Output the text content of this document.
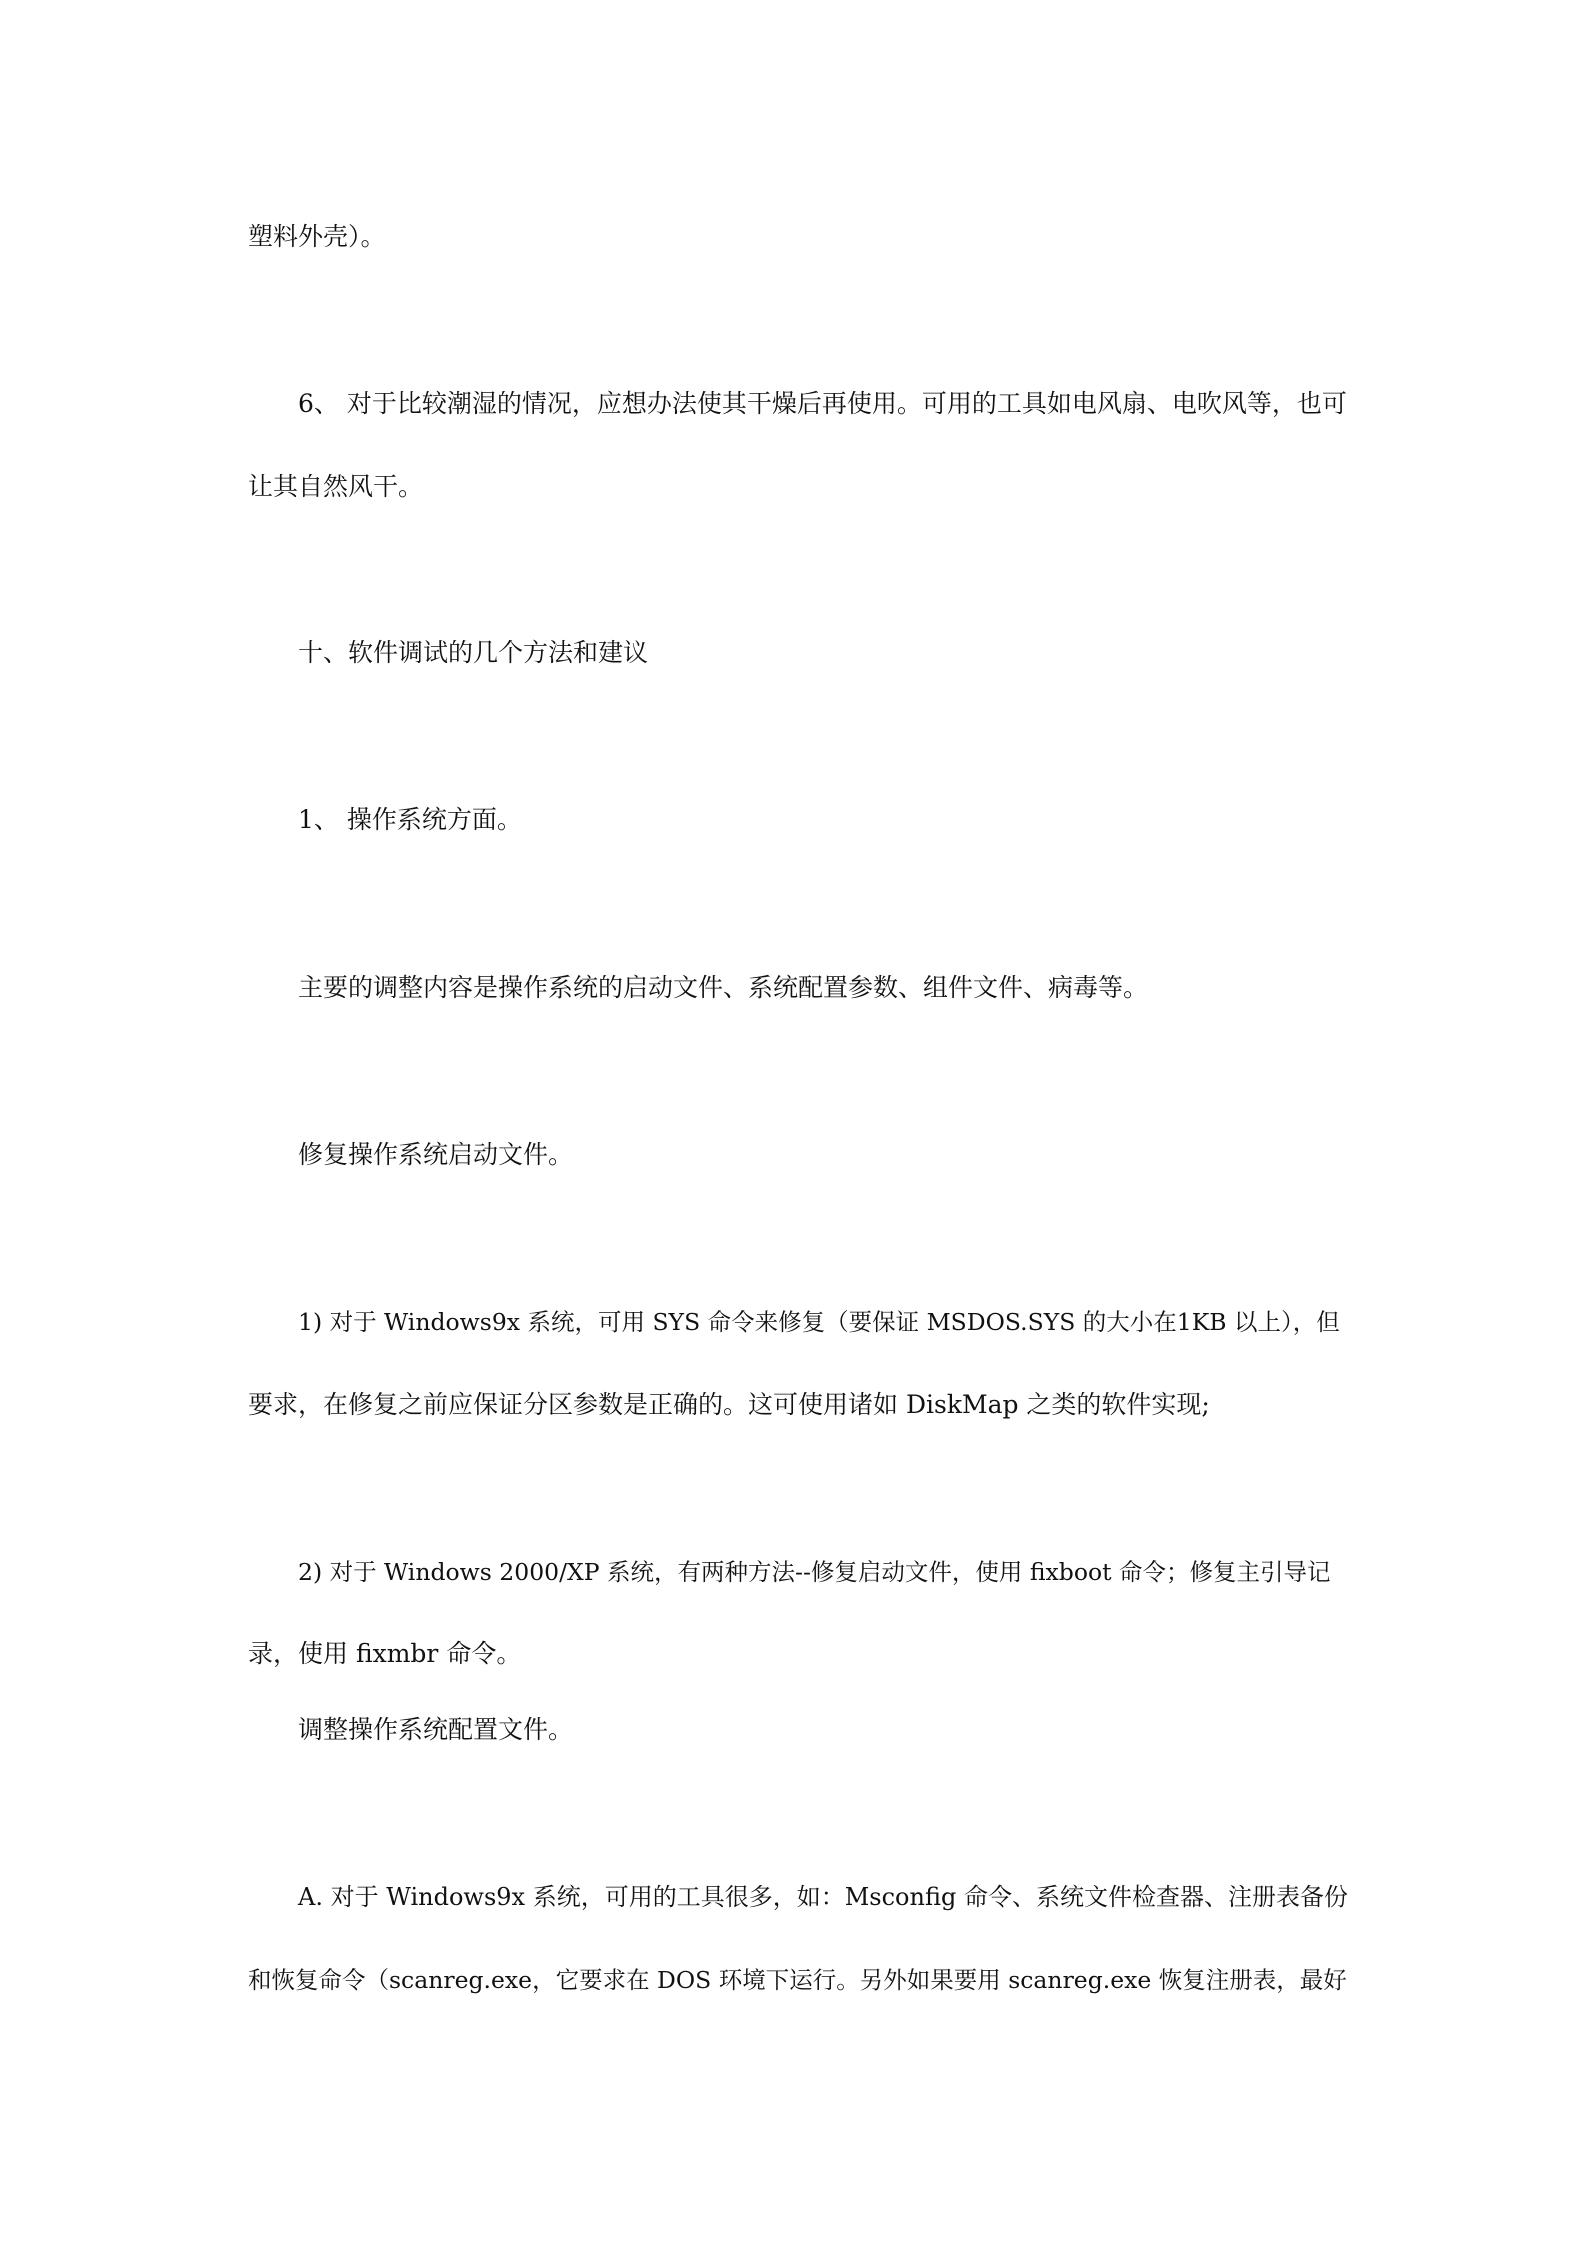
塑料外壳）。

6、 对于比较潮湿的情况，应想办法使其干燥后再使用。可用的工具如电风扇、电吹风等，也可

让其自然风干。

十、软件调试的几个方法和建议

1、 操作系统方面。

主要的调整内容是操作系统的启动文件、系统配置参数、组件文件、病毒等。

修复操作系统启动文件。

1) 对于 Windows9x 系统，可用 SYS 命令来修复（要保证 MSDOS.SYS 的大小在1KB 以上），但

要求，在修复之前应保证分区参数是正确的。这可使用诸如 DiskMap 之类的软件实现;

2) 对于 Windows 2000/XP 系统，有两种方法--修复启动文件，使用 fixboot 命令；修复主引导记

录，使用 fixmbr 命令。

调整操作系统配置文件。

A. 对于 Windows9x 系统，可用的工具很多，如：Msconfig 命令、系统文件检查器、注册表备份

和恢复命令（scanreg.exe，它要求在 DOS 环境下运行。另外如果要用 scanreg.exe 恢复注册表，最好
